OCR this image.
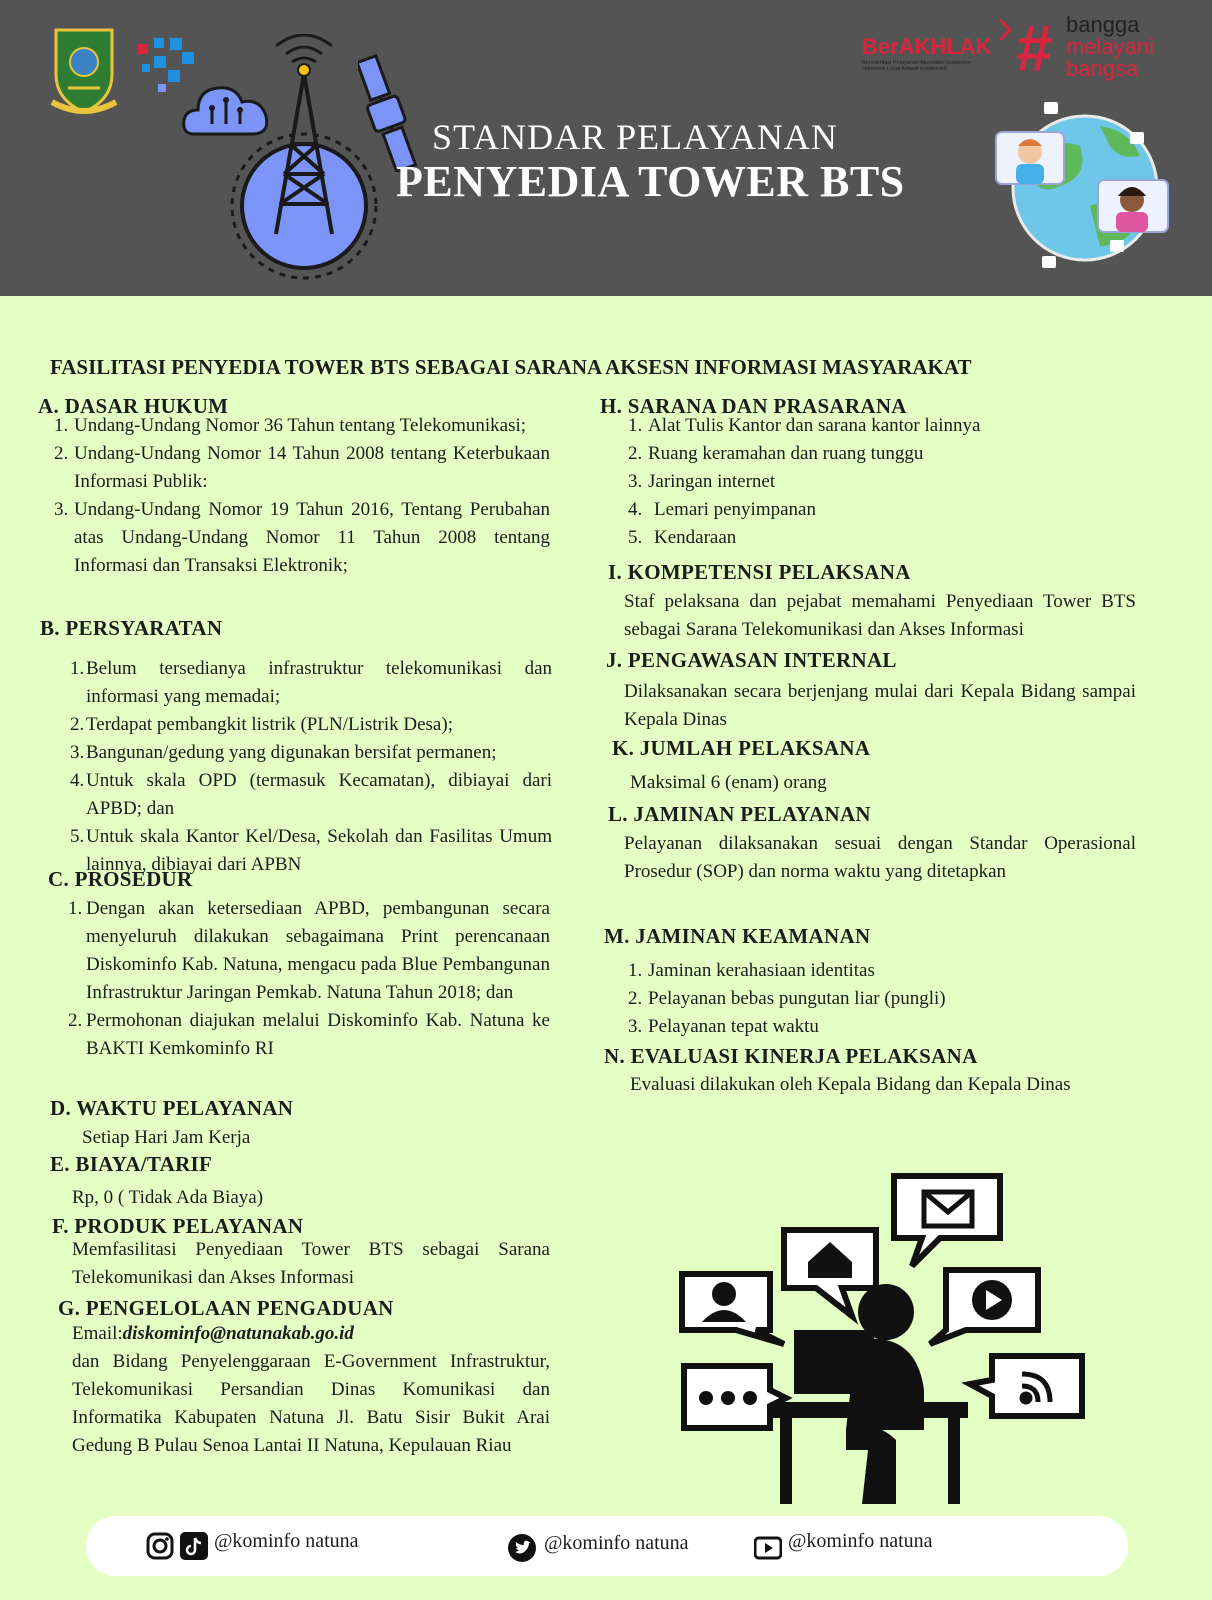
STANDAR PELAYANAN
PENYEDIA TOWER BTS
BerAKHLAK
Berorientasi Pelayanan Akuntabel Kompeten
Harmonis Loyal Adaptif Kolaboratif	# bangga
melayani
bangsa
FASILITASI PENYEDIA TOWER BTS SEBAGAI SARANA AKSESN INFORMASI MASYARAKAT
A. DASAR HUKUM
1. Undang-Undang Nomor 36 Tahun tentang Telekomunikasi;
2. Undang-Undang Nomor 14 Tahun 2008 tentang Keterbukaan Informasi Publik:
3. Undang-Undang Nomor 19 Tahun 2016, Tentang Perubahan atas Undang-Undang Nomor 11 Tahun 2008 tentang Informasi dan Transaksi Elektronik;
B. PERSYARATAN
1. Belum tersedianya infrastruktur telekomunikasi dan informasi yang memadai;
2. Terdapat pembangkit listrik (PLN/Listrik Desa);
3. Bangunan/gedung yang digunakan bersifat permanen;
4. Untuk skala OPD (termasuk Kecamatan), dibiayai dari APBD; dan
5. Untuk skala Kantor Kel/Desa, Sekolah dan Fasilitas Umum lainnya, dibiayai dari APBN
C. PROSEDUR
1. Dengan akan ketersediaan APBD, pembangunan secara menyeluruh dilakukan sebagaimana Print perencanaan Diskominfo Kab. Natuna, mengacu pada Blue Pembangunan Infrastruktur Jaringan Pemkab. Natuna Tahun 2018; dan
2. Permohonan diajukan melalui Diskominfo Kab. Natuna ke BAKTI Kemkominfo RI
D. WAKTU PELAYANAN
Setiap Hari Jam Kerja
E. BIAYA/TARIF
Rp, 0 ( Tidak Ada Biaya)
F. PRODUK PELAYANAN
Memfasilitasi Penyediaan Tower BTS sebagai Sarana Telekomunikasi dan Akses Informasi
G. PENGELOLAAN PENGADUAN
Email:diskominfo@natunakab.go.id
dan Bidang Penyelenggaraan E-Government Infrastruktur, Telekomunikasi Persandian Dinas Komunikasi dan Informatika Kabupaten Natuna Jl. Batu Sisir Bukit Arai Gedung B Pulau Senoa Lantai II Natuna, Kepulauan Riau
H. SARANA DAN PRASARANA
1. Alat Tulis Kantor dan sarana kantor lainnya
2. Ruang keramahan dan ruang tunggu
3. Jaringan internet
4. Lemari penyimpanan
5. Kendaraan
I. KOMPETENSI PELAKSANA
Staf pelaksana dan pejabat memahami Penyediaan Tower BTS sebagai Sarana Telekomunikasi dan Akses Informasi
J. PENGAWASAN INTERNAL
Dilaksanakan secara berjenjang mulai dari Kepala Bidang sampai Kepala Dinas
K. JUMLAH PELAKSANA
Maksimal 6 (enam) orang
L. JAMINAN PELAYANAN
Pelayanan dilaksanakan sesuai dengan Standar Operasional Prosedur (SOP) dan norma waktu yang ditetapkan
M. JAMINAN KEAMANAN
1. Jaminan kerahasiaan identitas
2. Pelayanan bebas pungutan liar (pungli)
3. Pelayanan tepat waktu
N. EVALUASI KINERJA PELAKSANA
Evaluasi dilakukan oleh Kepala Bidang dan Kepala Dinas
@kominfo natuna	@kominfo natuna	@kominfo natuna
